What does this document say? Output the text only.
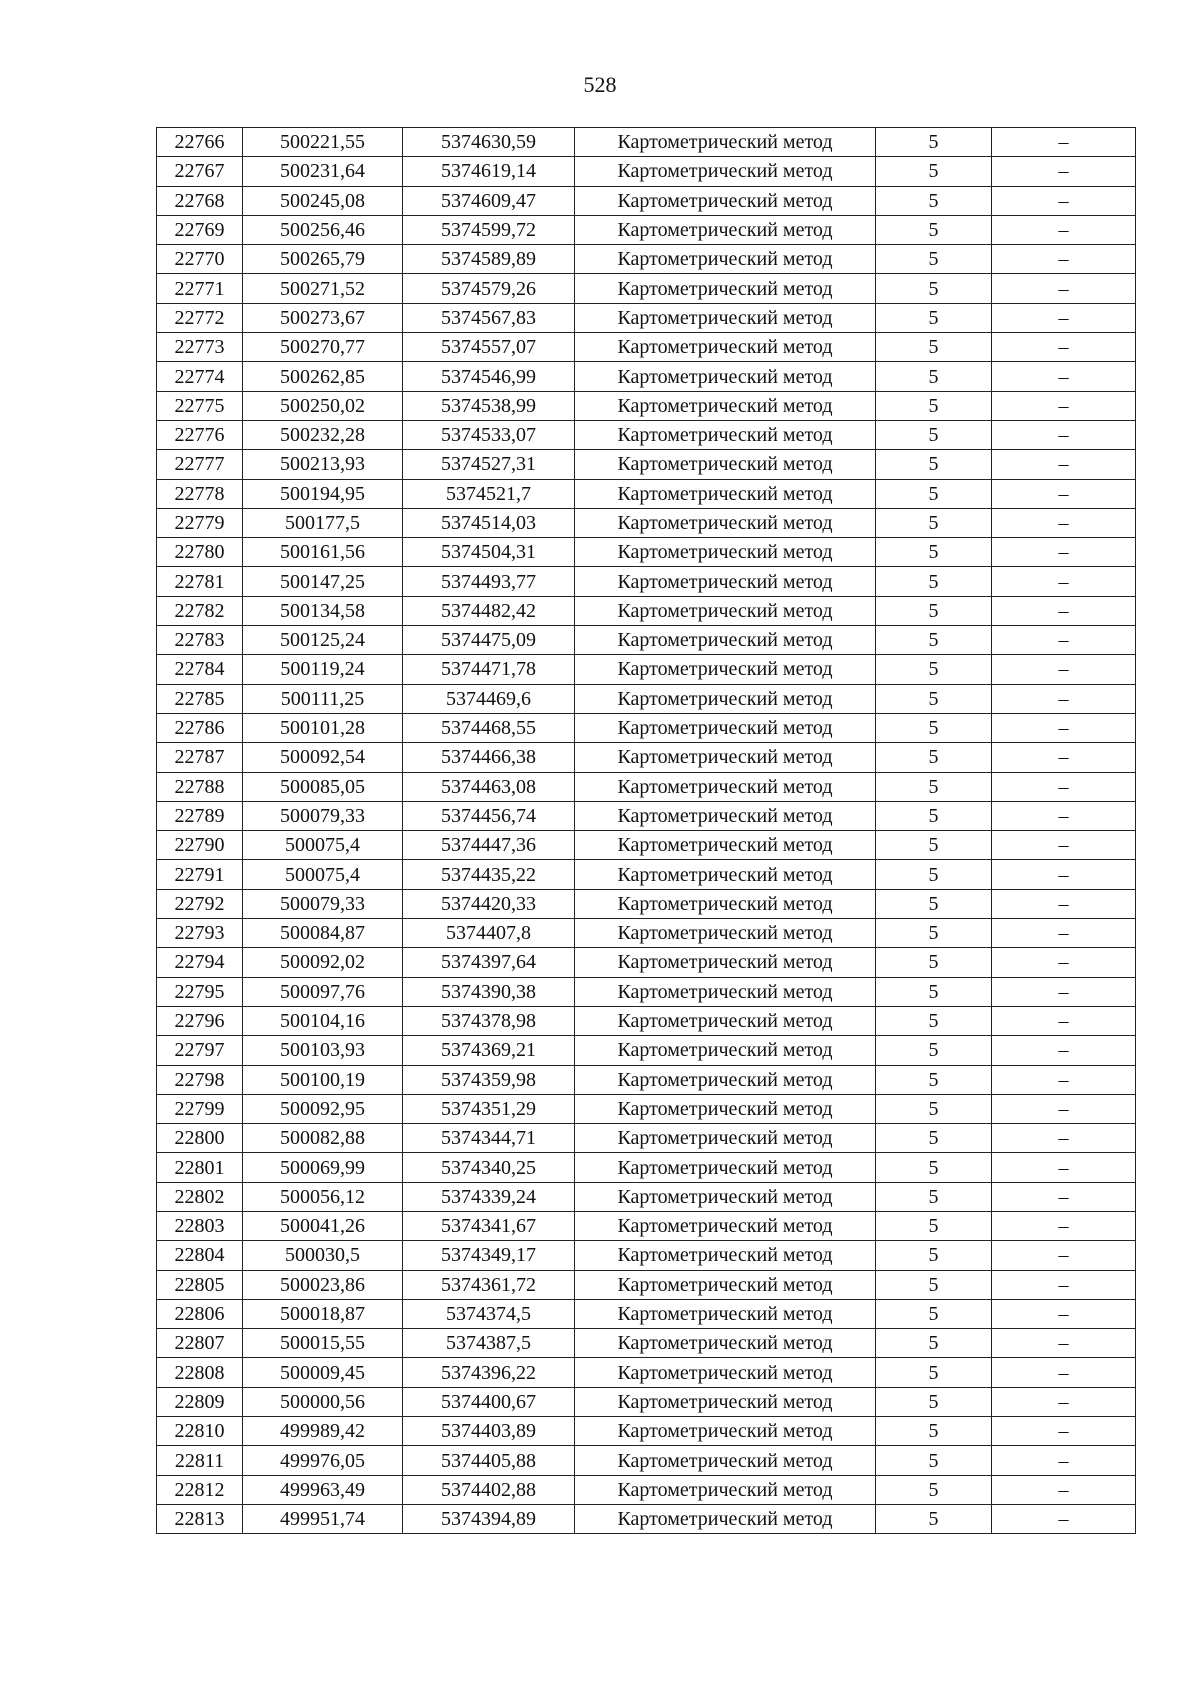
528
22766	500221,55	5374630,59	Картометрический метод	5	–
22767	500231,64	5374619,14	Картометрический метод	5	–
22768	500245,08	5374609,47	Картометрический метод	5	–
22769	500256,46	5374599,72	Картометрический метод	5	–
22770	500265,79	5374589,89	Картометрический метод	5	–
22771	500271,52	5374579,26	Картометрический метод	5	–
22772	500273,67	5374567,83	Картометрический метод	5	–
22773	500270,77	5374557,07	Картометрический метод	5	–
22774	500262,85	5374546,99	Картометрический метод	5	–
22775	500250,02	5374538,99	Картометрический метод	5	–
22776	500232,28	5374533,07	Картометрический метод	5	–
22777	500213,93	5374527,31	Картометрический метод	5	–
22778	500194,95	5374521,7	Картометрический метод	5	–
22779	500177,5	5374514,03	Картометрический метод	5	–
22780	500161,56	5374504,31	Картометрический метод	5	–
22781	500147,25	5374493,77	Картометрический метод	5	–
22782	500134,58	5374482,42	Картометрический метод	5	–
22783	500125,24	5374475,09	Картометрический метод	5	–
22784	500119,24	5374471,78	Картометрический метод	5	–
22785	500111,25	5374469,6	Картометрический метод	5	–
22786	500101,28	5374468,55	Картометрический метод	5	–
22787	500092,54	5374466,38	Картометрический метод	5	–
22788	500085,05	5374463,08	Картометрический метод	5	–
22789	500079,33	5374456,74	Картометрический метод	5	–
22790	500075,4	5374447,36	Картометрический метод	5	–
22791	500075,4	5374435,22	Картометрический метод	5	–
22792	500079,33	5374420,33	Картометрический метод	5	–
22793	500084,87	5374407,8	Картометрический метод	5	–
22794	500092,02	5374397,64	Картометрический метод	5	–
22795	500097,76	5374390,38	Картометрический метод	5	–
22796	500104,16	5374378,98	Картометрический метод	5	–
22797	500103,93	5374369,21	Картометрический метод	5	–
22798	500100,19	5374359,98	Картометрический метод	5	–
22799	500092,95	5374351,29	Картометрический метод	5	–
22800	500082,88	5374344,71	Картометрический метод	5	–
22801	500069,99	5374340,25	Картометрический метод	5	–
22802	500056,12	5374339,24	Картометрический метод	5	–
22803	500041,26	5374341,67	Картометрический метод	5	–
22804	500030,5	5374349,17	Картометрический метод	5	–
22805	500023,86	5374361,72	Картометрический метод	5	–
22806	500018,87	5374374,5	Картометрический метод	5	–
22807	500015,55	5374387,5	Картометрический метод	5	–
22808	500009,45	5374396,22	Картометрический метод	5	–
22809	500000,56	5374400,67	Картометрический метод	5	–
22810	499989,42	5374403,89	Картометрический метод	5	–
22811	499976,05	5374405,88	Картометрический метод	5	–
22812	499963,49	5374402,88	Картометрический метод	5	–
22813	499951,74	5374394,89	Картометрический метод	5	–
